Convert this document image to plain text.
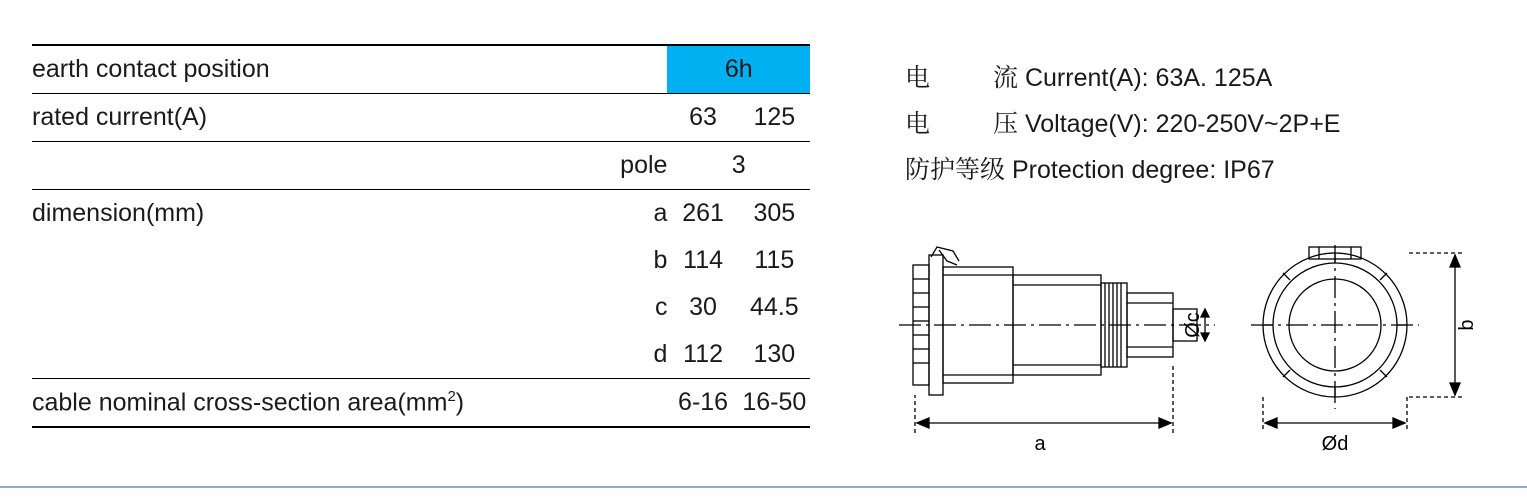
earth contact position		6h	
rated current(A)		63	125
	pole	3	
dimension(mm)	a	261	305
	b	114	115
	c	30	44.5
	d	112	130
cable nominal cross-section $area(mm^2)$		6-16	16-50
电	流 Current(A): 63A. 125A
电	压 Voltage(V): 220-250V~2P+E
防护等级 Protection degree: IP67
a
Øc	b
Ød
